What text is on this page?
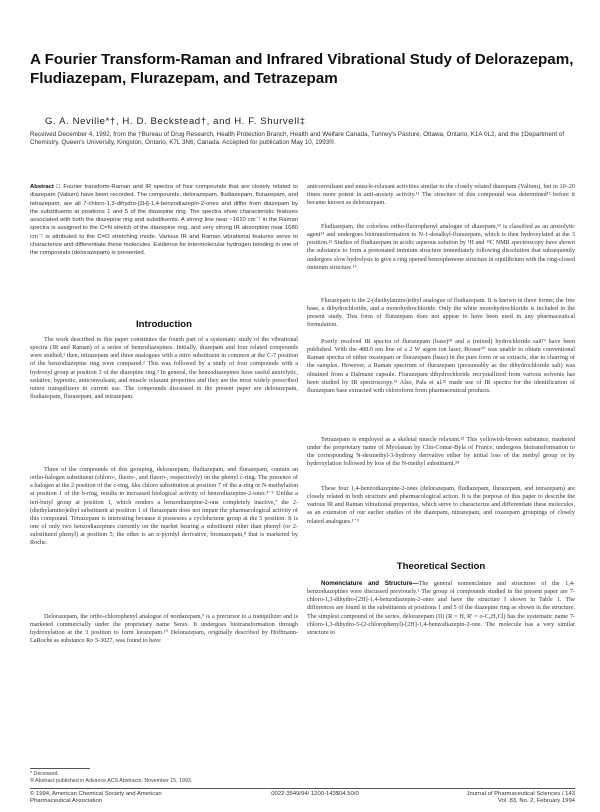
A Fourier Transform-Raman and Infrared Vibrational Study of Delorazepam, Fludiazepam, Flurazepam, and Tetrazepam

G. A. Neville*†, H. D. Beckstead†, and H. F. Shurvell‡

Received December 4, 1992, from the †Bureau of Drug Research, Health Protection Branch, Health and Welfare Canada, Tunney's Pasture, Ottawa, Ontario, K1A 0L2, and the ‡Department of Chemistry, Queen's University, Kingston, Ontario, K7L 3N6, Canada. Accepted for publication May 10, 1993®.

Abstract □ Fourier transform-Raman and IR spectra of four compounds that are closely related to diazepam (Valium) have been recorded. The compounds, delorazepam, fludiazepam, flurazepam, and tetrazepam, are all 7-chloro-1,3-dihydro-[2H]-1,4-benzodiazepin-2-ones and differ from diazepam by the substituents at positions 1 and 5 of the diazepine ring. The spectra show characteristic features associated with both the diazepine ring and substituents. A strong line near ~1610 cm⁻¹ in the Raman spectra is assigned to the C=N stretch of the diazepine ring, and very strong IR absorption near 1680 cm⁻¹ is attributed to the C=O stretching mode. Various IR and Raman vibrational features serve to characterize and differentiate these molecules. Evidence for intermolecular hydrogen bonding in one of the compounds (delorazepam) is presented.

Introduction

The work described in this paper constitutes the fourth part of a systematic study of the vibrational spectra (IR and Raman) of a series of benzodiazepines. Initially, diazepam and four related compounds were studied,¹ then, nitrazepam and three analogues with a nitro substituent in common at the C-7 position of the benzodiazepine ring were compared.² This was followed by a study of four compounds with a hydroxyl group at position 3 of the diazepine ring.³ In general, the benzodiazepines have useful anxiolytic, sedative, hypnotic, anticonvulsant, and muscle relaxant properties and they are the most widely prescribed minor tranquilizers in current use. The compounds discussed in the present paper are delorazepam, fludiazepam, flurazepam, and tetrazepam.

Three of the compounds of this grouping, delorazepam, fludiazepam, and flurazepam, contain an ortho-halogen substituent (chloro-, fluoro-, and fluoro-, respectively) on the phenyl c-ring. The presence of a halogen at the 2 position of the c-ring, like chloro substitution at position 7 of the a-ring or N-methylation at position 1 of the b-ring, results in increased biological activity of benzodiazepine-2-ones.⁴⁻⁶ Unlike a tert-butyl group at position 1, which renders a benzodiazepine-2-one completely inactive,⁷ the 2-(diethylamino)ethyl substituent at position 1 of flurazepam does not impair the pharmacological activity of this compound. Tetrazepam is interesting because it possesses a cyclohexene group at the 5 position. It is one of only two benzodiazepines currently on the market bearing a substituent other than phenyl (or 2-substituted phenyl) at position 5; the other is an α-pyridyl derivative, bromazepam,⁸ that is marketed by Roche.

Delorazepam, the ortho-chlorophenyl analogue of nordazepam,⁹ is a precursor to a tranquilizer and is marketed commercially under the proprietary name Serax. It undergoes biotransformation through hydroxylation at the 3 position to form lorazepam.¹⁰ Delorazepam, originally described by Hoffmann-LaRoche as substance Ro 5-3027, was found to have

anticonvulsant and muscle-relaxant activities similar to the closely related diazepam (Valium), but in 10–20 times more potent in anti-anxiety activity.¹¹ The structure of this compound was determined¹² before it became known as delorazepam.

Fludiazepam, the colorless ortho-fluorophenyl analogue of diazepam,¹³ is classified as an anxiolytic agent¹⁴ and undergoes biotransformation to N-1-desalkyl-flurazepam, which is then hydroxylated at the 3 position.¹⁵ Studies of fludiazepam in acidic aqueous solution by ¹H and ¹³C NMR spectroscopy have shown the substance to form a protonated iminium structure immediately following dissolution that subsequently undergoes slow hydrolysis to give a ring opened benzophenone structure in equilibrium with the ring-closed iminium structure.¹⁶

Flurazepam is the 2-(diethylamino)ethyl analogue of fludiazepam. It is known in three forms; the free base, a dihydrochloride, and a monohydrochloride. Only the white monohydrochloride is included in the present study. This form of flurazepam does not appear to have been used in any pharmaceutical formulation.

Poorly resolved IR spectra of flurazepam (base)¹⁸ and a (mixed) hydrochloride salt¹⁹ have been published. With the 488.0 nm line of a 2 W argon ion laser, Bosser²⁰ was unable to obtain conventional Raman spectra of either oxazepam or flurazepam (base) in the pure form or as extracts, due to charring of the samples. However, a Raman spectrum of flurazepam (presumably as the dihydrochloride salt) was obtained from a Dalmane capsule. Flurazepam dihydrochloride recrystallized from various solvents has been studied by IR spectroscopy.²¹ Also, Pala et al.²² made use of IR spectra for the identification of flurazepam base extracted with chloroform from pharmaceutical products.

Tetrazepam is employed as a skeletal muscle relaxant.²³ This yellowish-brown substance, marketed under the proprietary name of Myolastan by Clin-Comar-Byla of France, undergoes biotransformation to the corresponding N-desmethyl-3-hydroxy derivative either by initial loss of the methyl group or by hydroxylation followed by loss of the N-methyl substituent.²⁴

These four 1,4-benzodiazepine-2-ones (delorazepam, fludiazepam, flurazepam, and tetrazepam) are closely related in both structure and pharmacological action. It is the purpose of this paper to describe the various IR and Raman vibrational properties, which serve to characterize and differentiate these molecules, as an extension of our earlier studies of the diazepam, nitrazepam, and oxazepam groupings of closely related analogues.¹⁻³

Theoretical Section

Nomenclature and Structure—The general nomenclature and structures of the 1,4-benzodiazepines were discussed previously.¹ The group of compounds studied in the present paper are 7-chloro-1,3-dihydro-[2H]-1,4-benzodiazepin-2-ones and have the structure I shown in Table 1. The differences are found in the substituents at positions 1 and 5 of the diazepine ring as shown in the structure. The simplest compound of the series, delorazepam (II) (R = H, R' = o-C₆H₄Cl) has the systematic name 7-chloro-1,3-dihydro-5-(2-chlorophenyl)-[2H]-1,4-benzodiazepin-2-one. The molecule has a very similar structure to

* Deceased.
® Abstract published in Advance ACS Abstracts, November 15, 1993.
© 1994, American Chemical Society and American Pharmaceutical Association
0022-3549/94/ 1200-143$04.50/0	Journal of Pharmaceutical Sciences / 143
Vol. 83, No. 2, February 1994
